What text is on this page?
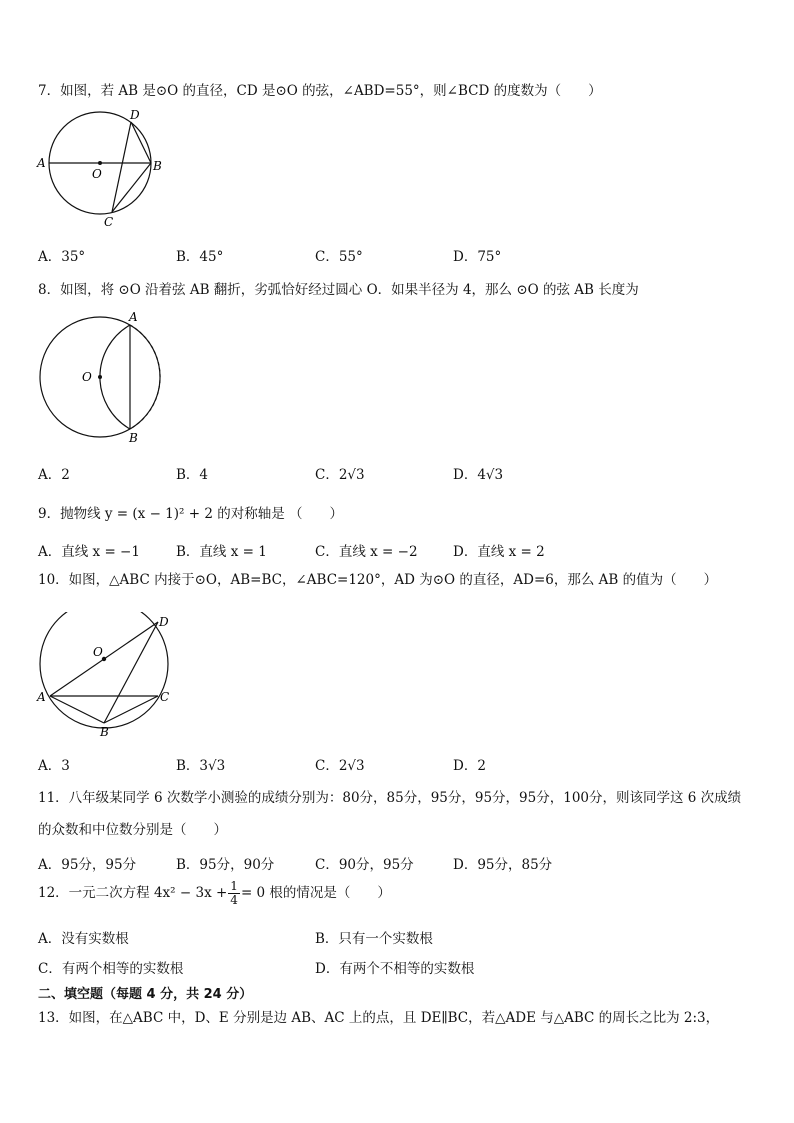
7．如图，若 AB 是⊙O 的直径，CD 是⊙O 的弦，∠ABD=55°，则∠BCD 的度数为（　　）
A	B
C
D
O
A．35°	B．45°	C．55°	D．75°
8．如图，将 ⊙O 沿着弦 AB 翻折，劣弧恰好经过圆心 O．如果半径为 4，那么 ⊙O 的弦 AB 长度为
A
B
O
A．2	B．4	C．2√3	D．4√3
9．抛物线 y = (x − 1)² + 2 的对称轴是 （　　）
A．直线 x = −1	B．直线 x = 1	C．直线 x = −2	D．直线 x = 2
10．如图，△ABC 内接于⊙O，AB=BC，∠ABC=120°，AD 为⊙O 的直径，AD=6，那么 AB 的值为（　　）
A
B
C
D
O
A．3	B．3√3	C．2√3	D．2
11．八年级某同学 6 次数学小测验的成绩分别为：80分，85分，95分，95分，95分，100分，则该同学这 6 次成绩
的众数和中位数分别是（　　）
A．95分，95分	B．95分，90分	C．90分，95分	D．95分，85分
12．一元二次方程 $4x^2 - 3x + \frac{1}{4} = 0$ 根的情况是（　　）
A．没有实数根	B．只有一个实数根
C．有两个相等的实数根	D．有两个不相等的实数根
二、填空题（每题 4 分，共 24 分）
13．如图，在△ABC 中，D、E 分别是边 AB、AC 上的点，且 DE∥BC，若△ADE 与△ABC 的周长之比为 2:3，
